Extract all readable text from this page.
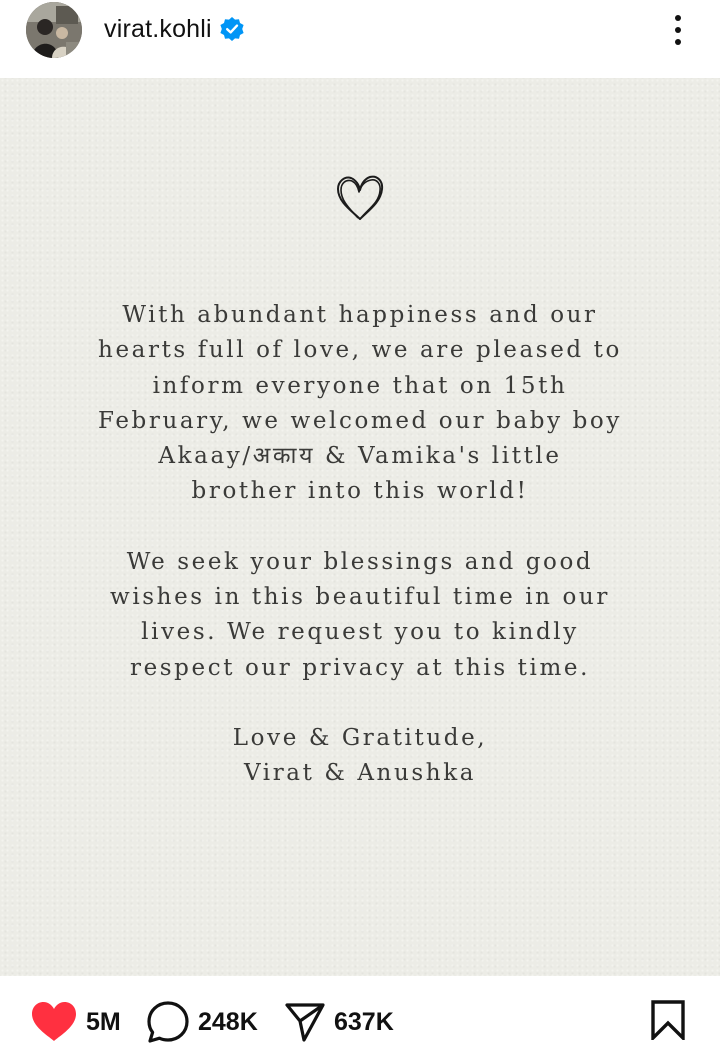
virat.kohli

With abundant happiness and our
hearts full of love, we are pleased to
inform everyone that on 15th
February, we welcomed our baby boy
Akaay/अकाय & Vamika's little
brother into this world!

We seek your blessings and good
wishes in this beautiful time in our
lives. We request you to kindly
respect our privacy at this time.

Love & Gratitude,
Virat & Anushka

5M	248K	637K
